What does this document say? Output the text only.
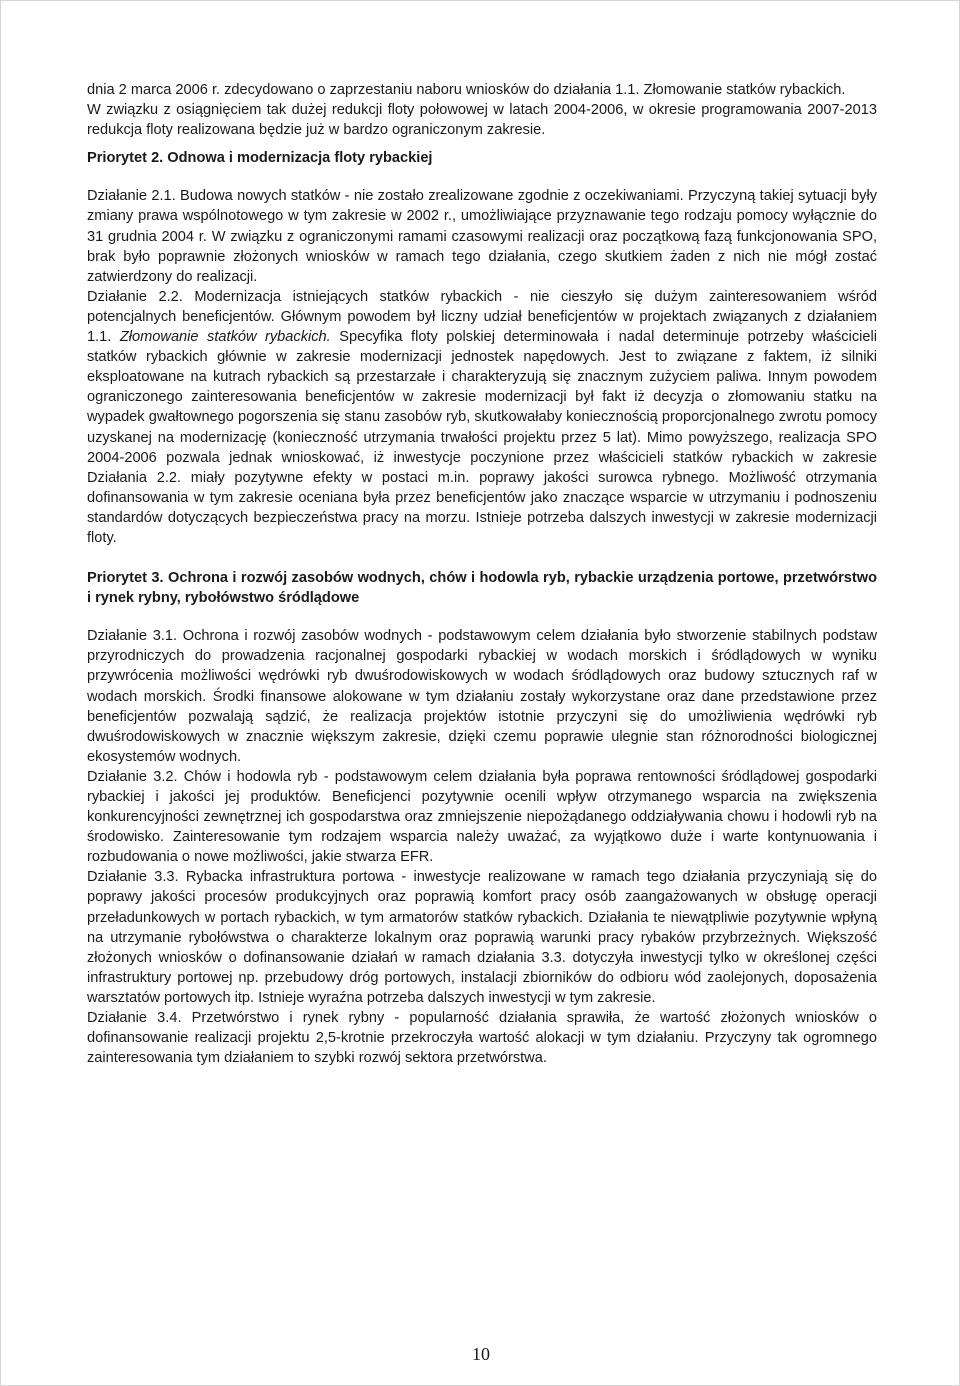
dnia 2 marca 2006 r. zdecydowano o zaprzestaniu naboru wniosków do działania 1.1. Złomowanie statków rybackich.

W związku z osiągnięciem tak dużej redukcji floty połowowej w latach 2004-2006, w okresie programowania 2007-2013 redukcja floty realizowana będzie już w bardzo ograniczonym zakresie.

Priorytet 2. Odnowa i modernizacja floty rybackiej

Działanie 2.1. Budowa nowych statków - nie zostało zrealizowane zgodnie z oczekiwaniami. Przyczyną takiej sytuacji były zmiany prawa wspólnotowego w tym zakresie w 2002 r., umożliwiające przyznawanie tego rodzaju pomocy wyłącznie do 31 grudnia 2004 r. W związku z ograniczonymi ramami czasowymi realizacji oraz początkową fazą funkcjonowania SPO, brak było poprawnie złożonych wniosków w ramach tego działania, czego skutkiem żaden z nich nie mógł zostać zatwierdzony do realizacji.

Działanie 2.2. Modernizacja istniejących statków rybackich - nie cieszyło się dużym zainteresowaniem wśród potencjalnych beneficjentów. Głównym powodem był liczny udział beneficjentów w projektach związanych z działaniem 1.1. Złomowanie statków rybackich. Specyfika floty polskiej determinowała i nadal determinuje potrzeby właścicieli statków rybackich głównie w zakresie modernizacji jednostek napędowych. Jest to związane z faktem, iż silniki eksploatowane na kutrach rybackich są przestarzałe i charakteryzują się znacznym zużyciem paliwa. Innym powodem ograniczonego zainteresowania beneficjentów w zakresie modernizacji był fakt iż decyzja o złomowaniu statku na wypadek gwałtownego pogorszenia się stanu zasobów ryb, skutkowałaby koniecznością proporcjonalnego zwrotu pomocy uzyskanej na modernizację (konieczność utrzymania trwałości projektu przez 5 lat). Mimo powyższego, realizacja SPO 2004-2006 pozwala jednak wnioskować, iż inwestycje poczynione przez właścicieli statków rybackich w zakresie Działania 2.2. miały pozytywne efekty w postaci m.in. poprawy jakości surowca rybnego. Możliwość otrzymania dofinansowania w tym zakresie oceniana była przez beneficjentów jako znaczące wsparcie w utrzymaniu i podnoszeniu standardów dotyczących bezpieczeństwa pracy na morzu. Istnieje potrzeba dalszych inwestycji w zakresie modernizacji floty.

Priorytet 3. Ochrona i rozwój zasobów wodnych, chów i hodowla ryb, rybackie urządzenia portowe, przetwórstwo i rynek rybny, rybołówstwo śródlądowe

Działanie 3.1. Ochrona i rozwój zasobów wodnych - podstawowym celem działania było stworzenie stabilnych podstaw przyrodniczych do prowadzenia racjonalnej gospodarki rybackiej w wodach morskich i śródlądowych w wyniku przywrócenia możliwości wędrówki ryb dwuśrodowiskowych w wodach śródlądowych oraz budowy sztucznych raf w wodach morskich. Środki finansowe alokowane w tym działaniu zostały wykorzystane oraz dane przedstawione przez beneficjentów pozwalają sądzić, że realizacja projektów istotnie przyczyni się do umożliwienia wędrówki ryb dwuśrodowiskowych w znacznie większym zakresie, dzięki czemu poprawie ulegnie stan różnorodności biologicznej ekosystemów wodnych.

Działanie 3.2. Chów i hodowla ryb - podstawowym celem działania była poprawa rentowności śródlądowej gospodarki rybackiej i jakości jej produktów. Beneficjenci pozytywnie ocenili wpływ otrzymanego wsparcia na zwiększenia konkurencyjności zewnętrznej ich gospodarstwa oraz zmniejszenie niepożądanego oddziaływania chowu i hodowli ryb na środowisko. Zainteresowanie tym rodzajem wsparcia należy uważać, za wyjątkowo duże i warte kontynuowania i rozbudowania o nowe możliwości, jakie stwarza EFR.

Działanie 3.3. Rybacka infrastruktura portowa - inwestycje realizowane w ramach tego działania przyczyniają się do poprawy jakości procesów produkcyjnych oraz poprawią komfort pracy osób zaangażowanych w obsługę operacji przeładunkowych w portach rybackich, w tym armatorów statków rybackich. Działania te niewątpliwie pozytywnie wpłyną na utrzymanie rybołówstwa o charakterze lokalnym oraz poprawią warunki pracy rybaków przybrzeżnych. Większość złożonych wniosków o dofinansowanie działań w ramach działania 3.3. dotyczyła inwestycji tylko w określonej części infrastruktury portowej np. przebudowy dróg portowych, instalacji zbiorników do odbioru wód zaolejonych, doposażenia warsztatów portowych itp. Istnieje wyraźna potrzeba dalszych inwestycji w tym zakresie.

Działanie 3.4. Przetwórstwo i rynek rybny - popularność działania sprawiła, że wartość złożonych wniosków o dofinansowanie realizacji projektu 2,5-krotnie przekroczyła wartość alokacji w tym działaniu. Przyczyny tak ogromnego zainteresowania tym działaniem to szybki rozwój sektora przetwórstwa.

10
